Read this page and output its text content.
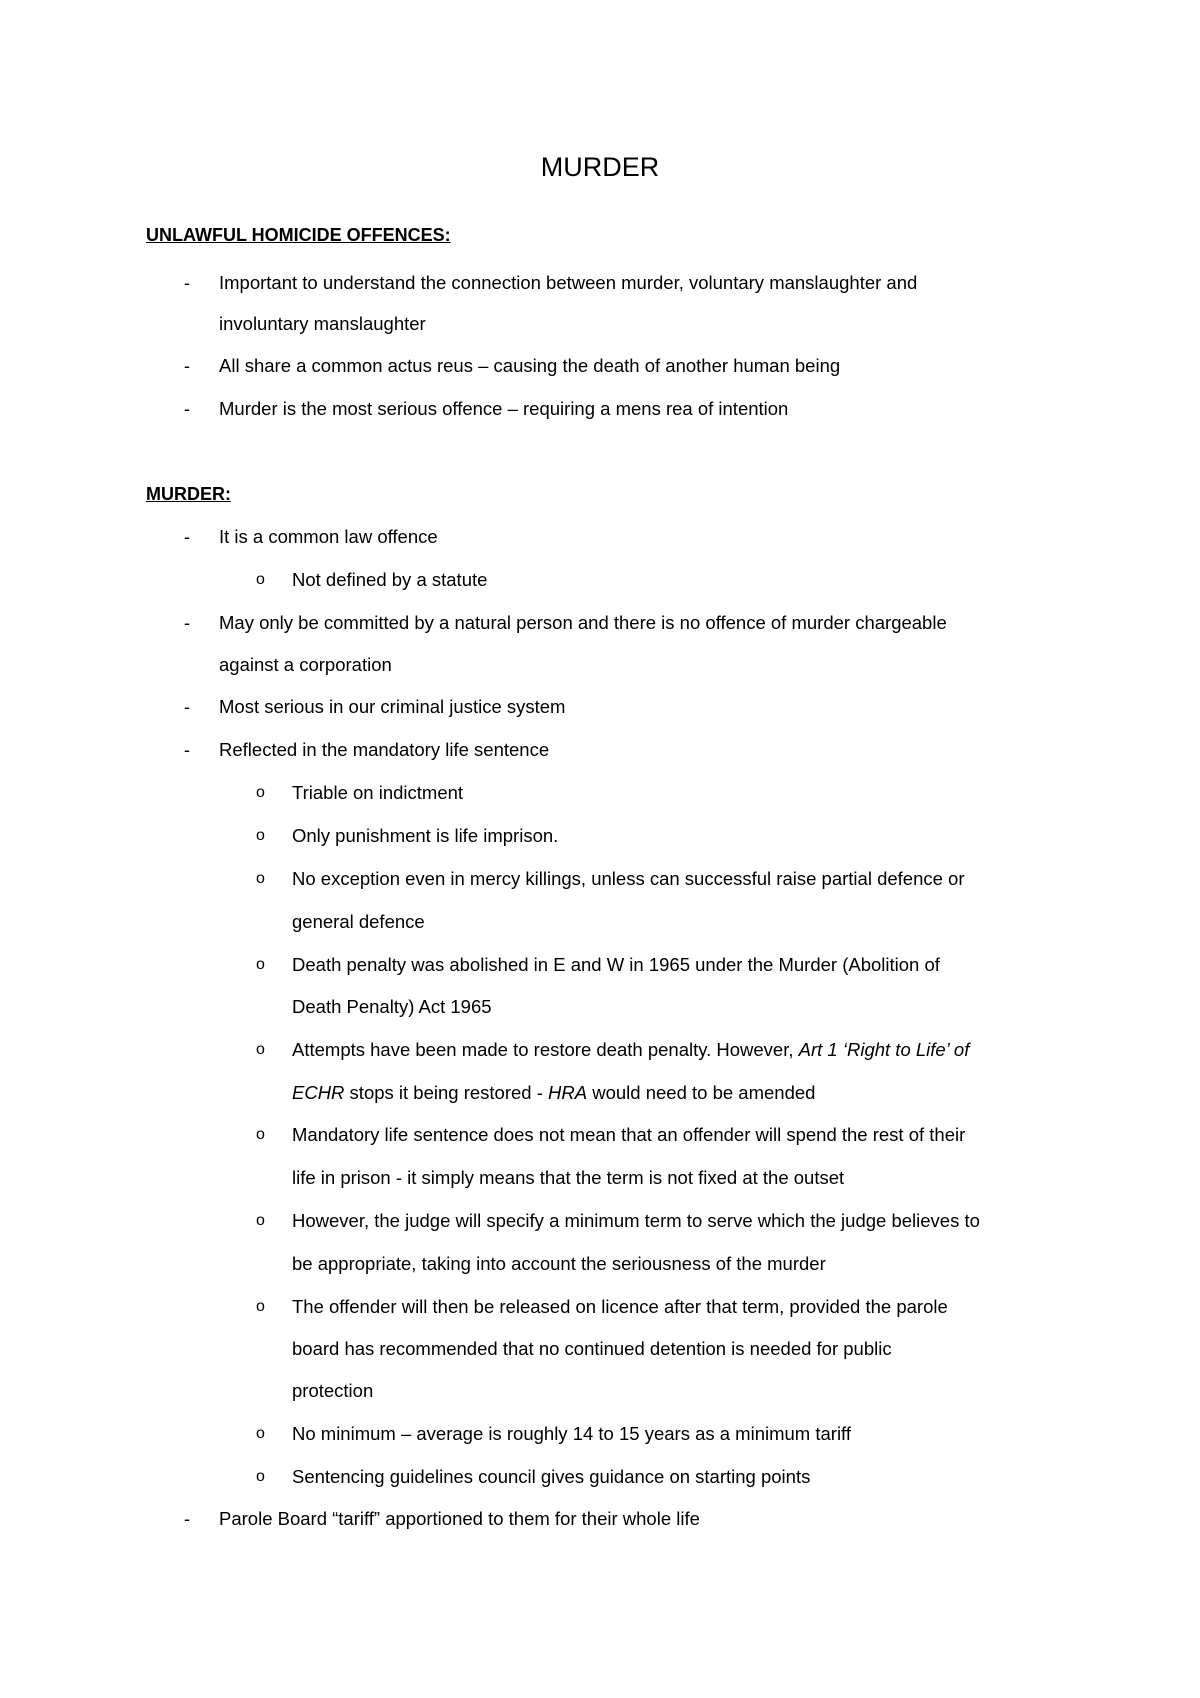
MURDER
UNLAWFUL HOMICIDE OFFENCES:
- Important to understand the connection between murder, voluntary manslaughter and
involuntary manslaughter
- All share a common actus reus – causing the death of another human being
- Murder is the most serious offence – requiring a mens rea of intention
MURDER:
- It is a common law offence
o Not defined by a statute
- May only be committed by a natural person and there is no offence of murder chargeable
against a corporation
- Most serious in our criminal justice system
- Reflected in the mandatory life sentence
o Triable on indictment
o Only punishment is life imprison.
o No exception even in mercy killings, unless can successful raise partial defence or
general defence
o Death penalty was abolished in E and W in 1965 under the Murder (Abolition of
Death Penalty) Act 1965
o Attempts have been made to restore death penalty. However, Art 1 ‘Right to Life’ of
ECHR stops it being restored - HRA would need to be amended
o Mandatory life sentence does not mean that an offender will spend the rest of their
life in prison - it simply means that the term is not fixed at the outset
o However, the judge will specify a minimum term to serve which the judge believes to
be appropriate, taking into account the seriousness of the murder
o The offender will then be released on licence after that term, provided the parole
board has recommended that no continued detention is needed for public
protection
o No minimum – average is roughly 14 to 15 years as a minimum tariff
o Sentencing guidelines council gives guidance on starting points
- Parole Board “tariff” apportioned to them for their whole life
